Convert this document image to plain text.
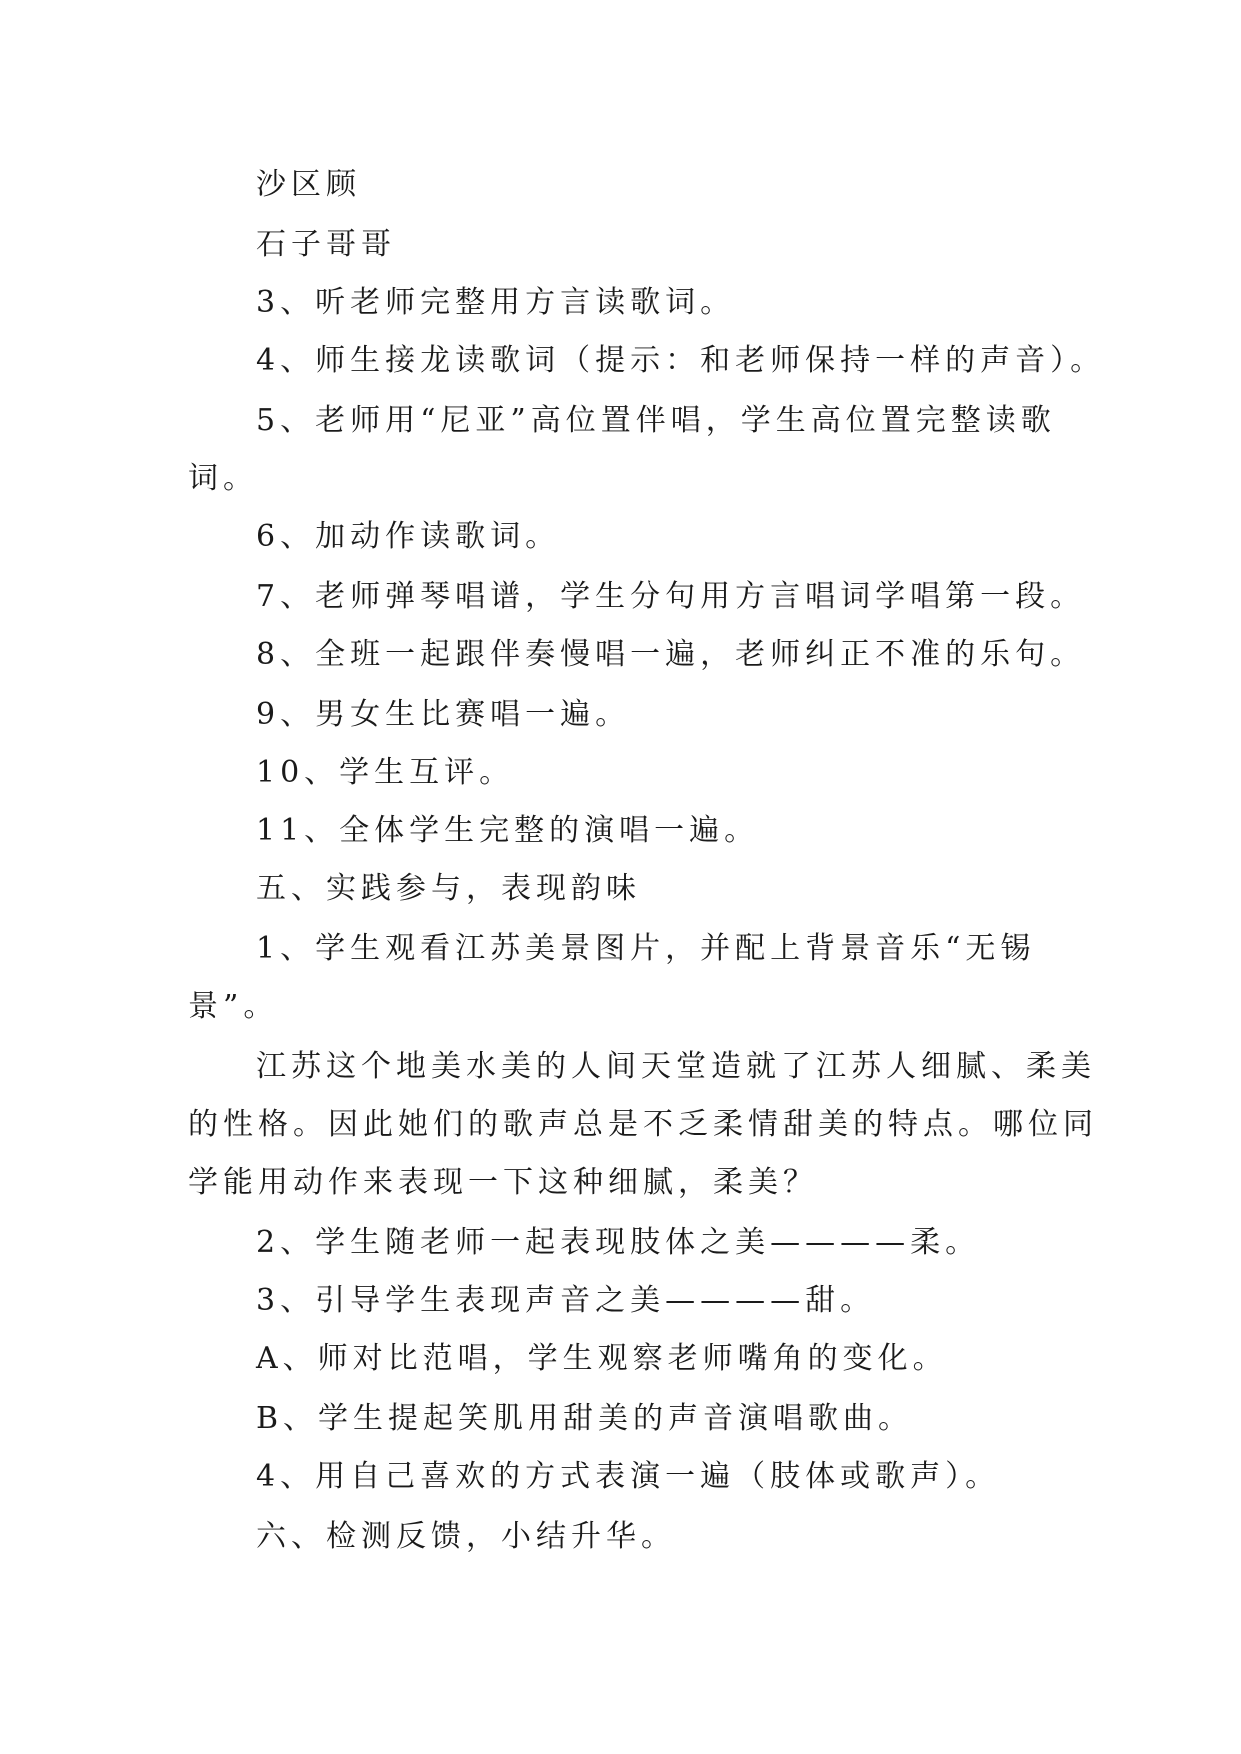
沙区顾
石子哥哥
3、听老师完整用方言读歌词。
4、师生接龙读歌词（提示：和老师保持一样的声音）。
5、老师用“尼亚”高位置伴唱，学生高位置完整读歌
词。
6、加动作读歌词。
7、老师弹琴唱谱，学生分句用方言唱词学唱第一段。
8、全班一起跟伴奏慢唱一遍，老师纠正不准的乐句。
9、男女生比赛唱一遍。
10、学生互评。
11、全体学生完整的演唱一遍。
五、实践参与，表现韵味
1、学生观看江苏美景图片，并配上背景音乐“无锡
景”。
江苏这个地美水美的人间天堂造就了江苏人细腻、柔美
的性格。因此她们的歌声总是不乏柔情甜美的特点。哪位同
学能用动作来表现一下这种细腻，柔美？
2、学生随老师一起表现肢体之美————柔。
3、引导学生表现声音之美————甜。
A、师对比范唱，学生观察老师嘴角的变化。
B、学生提起笑肌用甜美的声音演唱歌曲。
4、用自己喜欢的方式表演一遍（肢体或歌声）。
六、检测反馈，小结升华。
